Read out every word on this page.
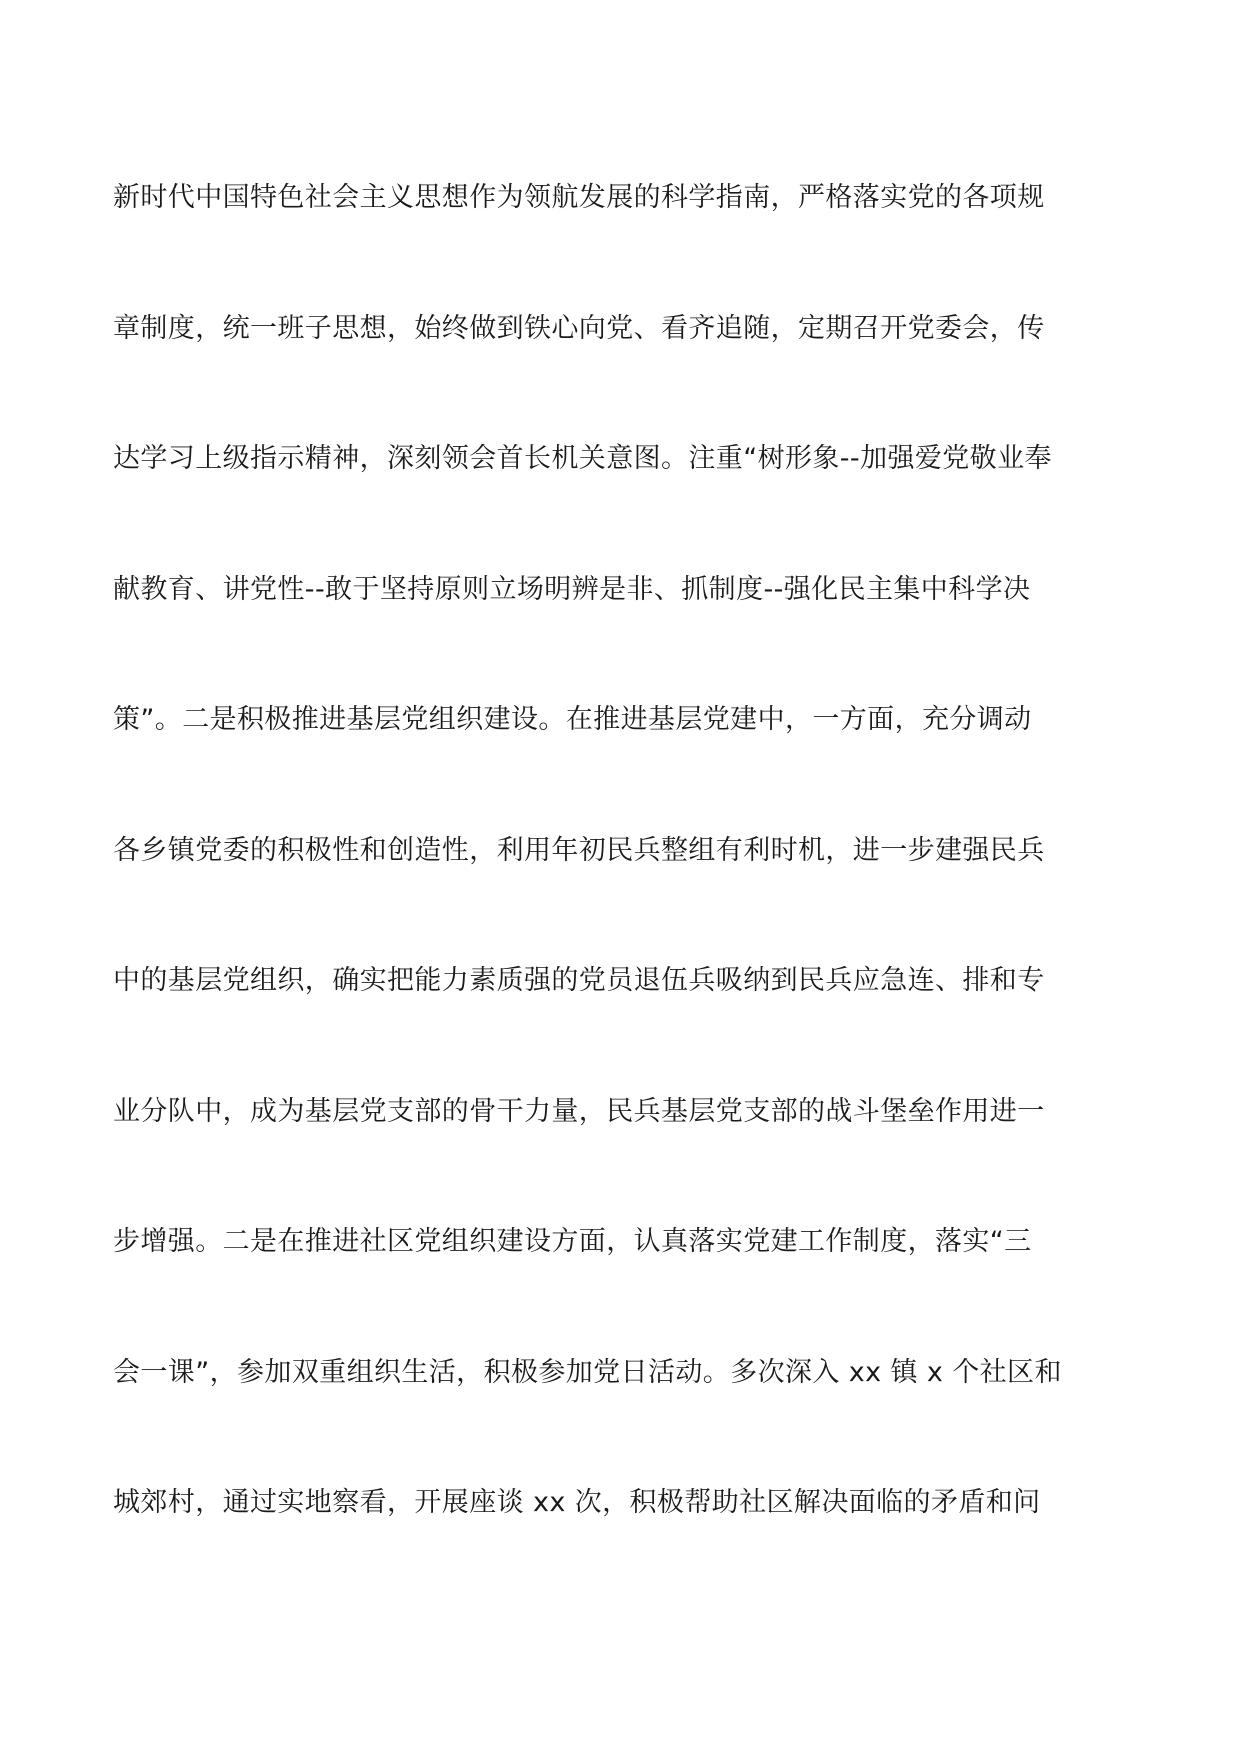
新时代中国特色社会主义思想作为领航发展的科学指南，严格落实党的各项规
章制度，统一班子思想，始终做到铁心向党、看齐追随，定期召开党委会，传
达学习上级指示精神，深刻领会首长机关意图。注重“树形象--加强爱党敬业奉
献教育、讲党性--敢于坚持原则立场明辨是非、抓制度--强化民主集中科学决
策”。二是积极推进基层党组织建设。在推进基层党建中，一方面，充分调动
各乡镇党委的积极性和创造性，利用年初民兵整组有利时机，进一步建强民兵
中的基层党组织，确实把能力素质强的党员退伍兵吸纳到民兵应急连、排和专
业分队中，成为基层党支部的骨干力量，民兵基层党支部的战斗堡垒作用进一
步增强。二是在推进社区党组织建设方面，认真落实党建工作制度，落实“三
会一课”，参加双重组织生活，积极参加党日活动。多次深入 xx 镇 x 个社区和
城郊村，通过实地察看，开展座谈 xx 次，积极帮助社区解决面临的矛盾和问
